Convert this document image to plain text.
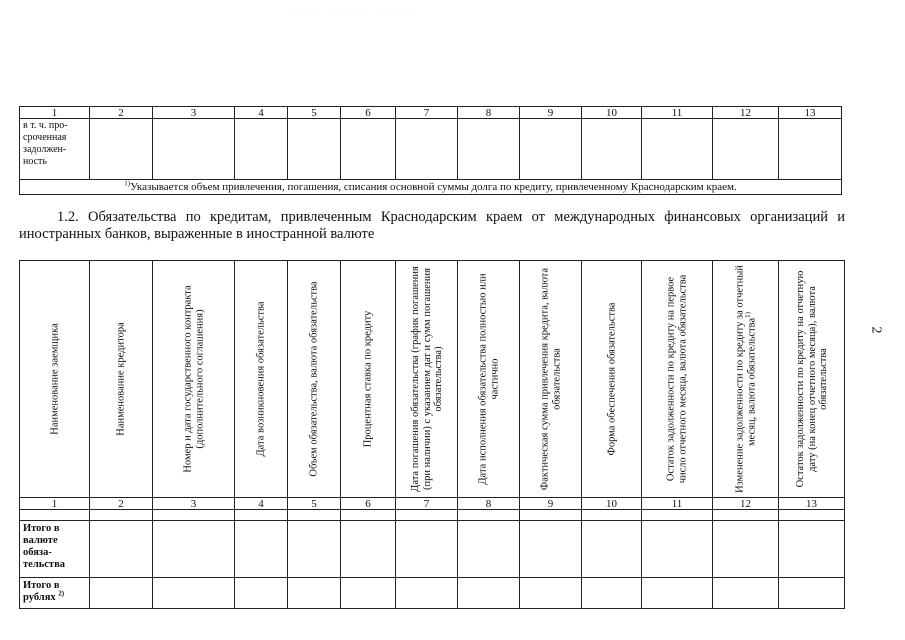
· · · · · · · · · · · · · ·
1	2	3	4	5	6	7	8	9	10	11	12	13
в т. ч. про-
сроченная
задолжен-
ность												
$^{1)}$Указывается объем привлечения, погашения, списания основной суммы долга по кредиту, привлеченному Краснодарским краем.												
1.2. Обязательства по кредитам, привлеченным Краснодарским краем от международных финансовых организаций и иностранных банков, выраженные в иностранной валюте
Наименование заемщика	Наименование кредитора	Номер и дата государственного контракта (дополнительного соглашения)	Дата возникновения обязательства	Объем обязательства, валюта обязательства	Процентная ставка по кредиту	Дата погашения обязательства (график погашения (при наличии) с указанием дат и сумм погашения обязательства)	Дата исполнения обязательства полностью или частично	Фактическая сумма привлечения кредита, валюта обязательства	Форма обеспечения обязательства	Остаток задолженности по кредиту на первое число отчетного месяца, валюта обязательства	Изменение задолженности по кредиту за отчетный месяц, валюта обязательства$^{1)}$	Остаток задолженности по кредиту на отчетную дату (на конец отчетного месяца), валюта обязательства

1	2	3	4	5	6	7	8	9	10	11	12	13

Итого в валюте обяза-тельства												
Итого в рублях $^{2)}$												
2
